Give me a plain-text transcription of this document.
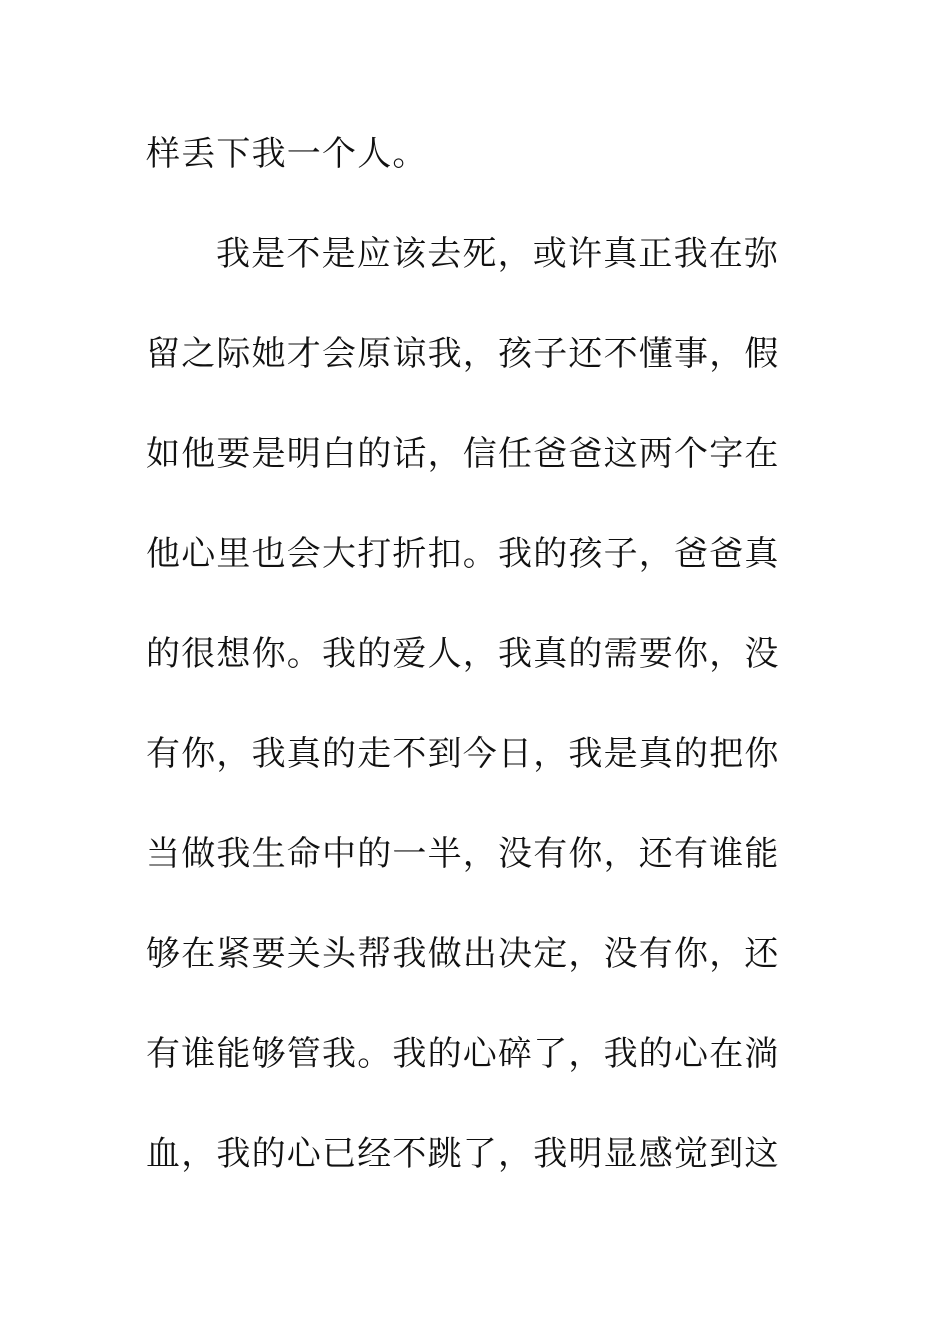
样丢下我一个人。
我是不是应该去死，或许真正我在弥
留之际她才会原谅我，孩子还不懂事，假
如他要是明白的话，信任爸爸这两个字在
他心里也会大打折扣。我的孩子，爸爸真
的很想你。我的爱人，我真的需要你，没
有你，我真的走不到今日，我是真的把你
当做我生命中的一半，没有你，还有谁能
够在紧要关头帮我做出决定，没有你，还
有谁能够管我。我的心碎了，我的心在淌
血，我的心已经不跳了，我明显感觉到这
